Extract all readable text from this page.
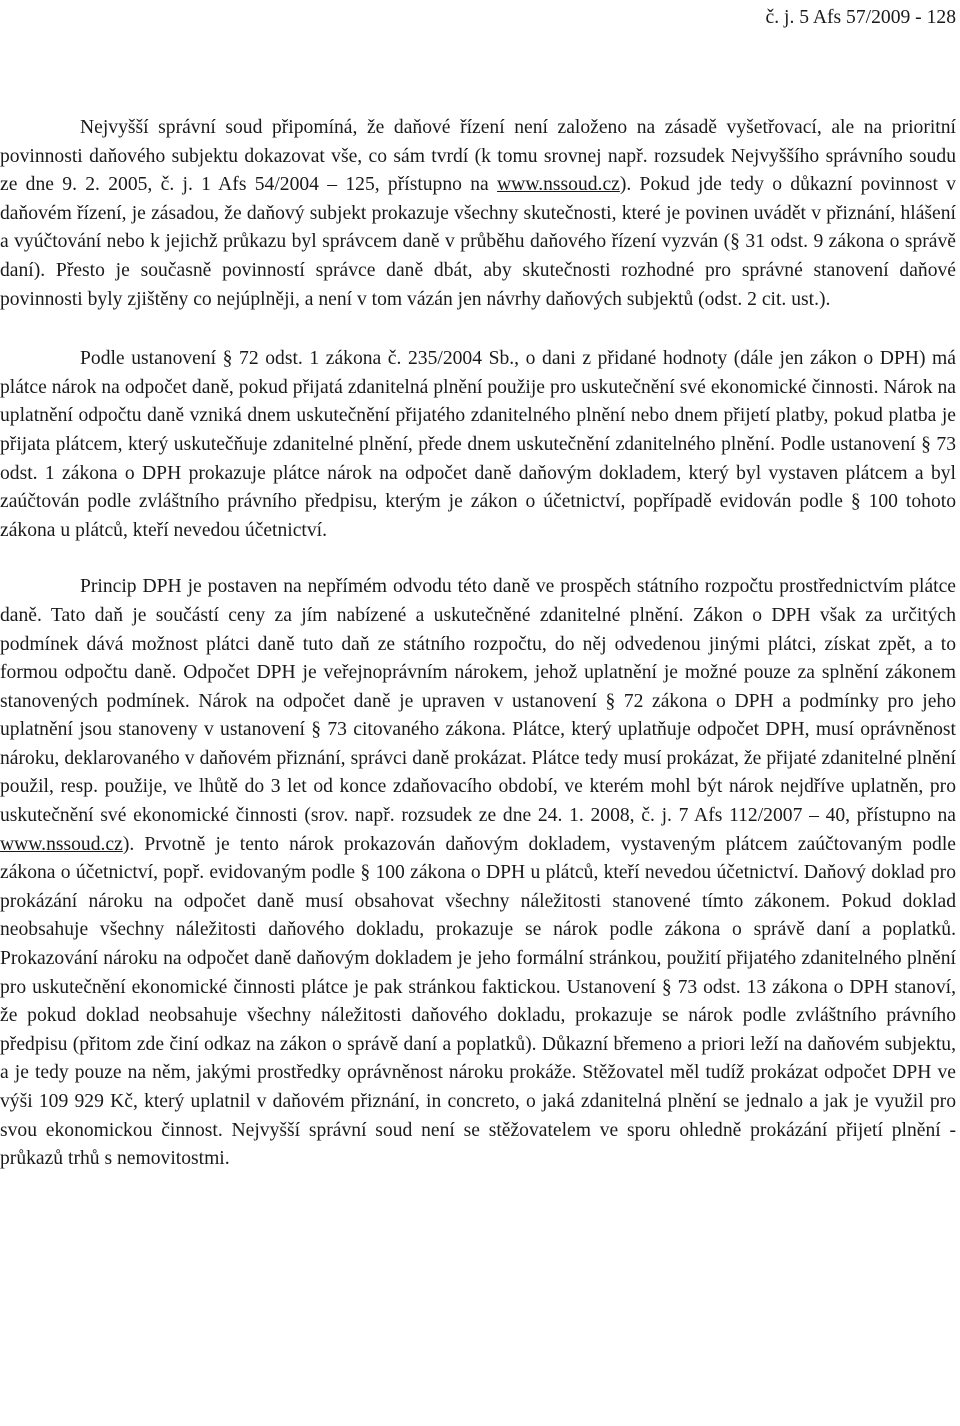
č. j. 5 Afs 57/2009 - 128

Nejvyšší správní soud připomíná, že daňové řízení není založeno na zásadě vyšetřovací, ale na prioritní povinnosti daňového subjektu dokazovat vše, co sám tvrdí (k tomu srovnej např. rozsudek Nejvyššího správního soudu ze dne 9. 2. 2005, č. j. 1 Afs 54/2004 – 125, přístupno na www.nssoud.cz). Pokud jde tedy o důkazní povinnost v daňovém řízení, je zásadou, že daňový subjekt prokazuje všechny skutečnosti, které je povinen uvádět v přiznání, hlášení a vyúčtování nebo k jejichž průkazu byl správcem daně v průběhu daňového řízení vyzván (§ 31 odst. 9 zákona o správě daní). Přesto je současně povinností správce daně dbát, aby skutečnosti rozhodné pro správné stanovení daňové povinnosti byly zjištěny co nejúplněji, a není v tom vázán jen návrhy daňových subjektů (odst. 2 cit. ust.).

Podle ustanovení § 72 odst. 1 zákona č. 235/2004 Sb., o dani z přidané hodnoty (dále jen zákon o DPH) má plátce nárok na odpočet daně, pokud přijatá zdanitelná plnění použije pro uskutečnění své ekonomické činnosti. Nárok na uplatnění odpočtu daně vzniká dnem uskutečnění přijatého zdanitelného plnění nebo dnem přijetí platby, pokud platba je přijata plátcem, který uskutečňuje zdanitelné plnění, přede dnem uskutečnění zdanitelného plnění. Podle ustanovení § 73 odst. 1 zákona o DPH prokazuje plátce nárok na odpočet daně daňovým dokladem, který byl vystaven plátcem a byl zaúčtován podle zvláštního právního předpisu, kterým je zákon o účetnictví, popřípadě evidován podle § 100 tohoto zákona u plátců, kteří nevedou účetnictví.

Princip DPH je postaven na nepřímém odvodu této daně ve prospěch státního rozpočtu prostřednictvím plátce daně. Tato daň je součástí ceny za jím nabízené a uskutečněné zdanitelné plnění. Zákon o DPH však za určitých podmínek dává možnost plátci daně tuto daň ze státního rozpočtu, do něj odvedenou jinými plátci, získat zpět, a to formou odpočtu daně. Odpočet DPH je veřejnoprávním nárokem, jehož uplatnění je možné pouze za splnění zákonem stanovených podmínek. Nárok na odpočet daně je upraven v ustanovení § 72 zákona o DPH a podmínky pro jeho uplatnění jsou stanoveny v ustanovení § 73 citovaného zákona. Plátce, který uplatňuje odpočet DPH, musí oprávněnost nároku, deklarovaného v daňovém přiznání, správci daně prokázat. Plátce tedy musí prokázat, že přijaté zdanitelné plnění použil, resp. použije, ve lhůtě do 3 let od konce zdaňovacího období, ve kterém mohl být nárok nejdříve uplatněn, pro uskutečnění své ekonomické činnosti (srov. např. rozsudek ze dne 24. 1. 2008, č. j. 7 Afs 112/2007 – 40, přístupno na www.nssoud.cz). Prvotně je tento nárok prokazován daňovým dokladem, vystaveným plátcem zaúčtovaným podle zákona o účetnictví, popř. evidovaným podle § 100 zákona o DPH u plátců, kteří nevedou účetnictví. Daňový doklad pro prokázání nároku na odpočet daně musí obsahovat všechny náležitosti stanovené tímto zákonem. Pokud doklad neobsahuje všechny náležitosti daňového dokladu, prokazuje se nárok podle zákona o správě daní a poplatků. Prokazování nároku na odpočet daně daňovým dokladem je jeho formální stránkou, použití přijatého zdanitelného plnění pro uskutečnění ekonomické činnosti plátce je pak stránkou faktickou. Ustanovení § 73 odst. 13 zákona o DPH stanoví, že pokud doklad neobsahuje všechny náležitosti daňového dokladu, prokazuje se nárok podle zvláštního právního předpisu (přitom zde činí odkaz na zákon o správě daní a poplatků). Důkazní břemeno a priori leží na daňovém subjektu, a je tedy pouze na něm, jakými prostředky oprávněnost nároku prokáže. Stěžovatel měl tudíž prokázat odpočet DPH ve výši 109 929 Kč, který uplatnil v daňovém přiznání, in concreto, o jaká zdanitelná plnění se jednalo a jak je využil pro svou ekonomickou činnost. Nejvyšší správní soud není se stěžovatelem ve sporu ohledně prokázání přijetí plnění - průkazů trhů s nemovitostmi.
